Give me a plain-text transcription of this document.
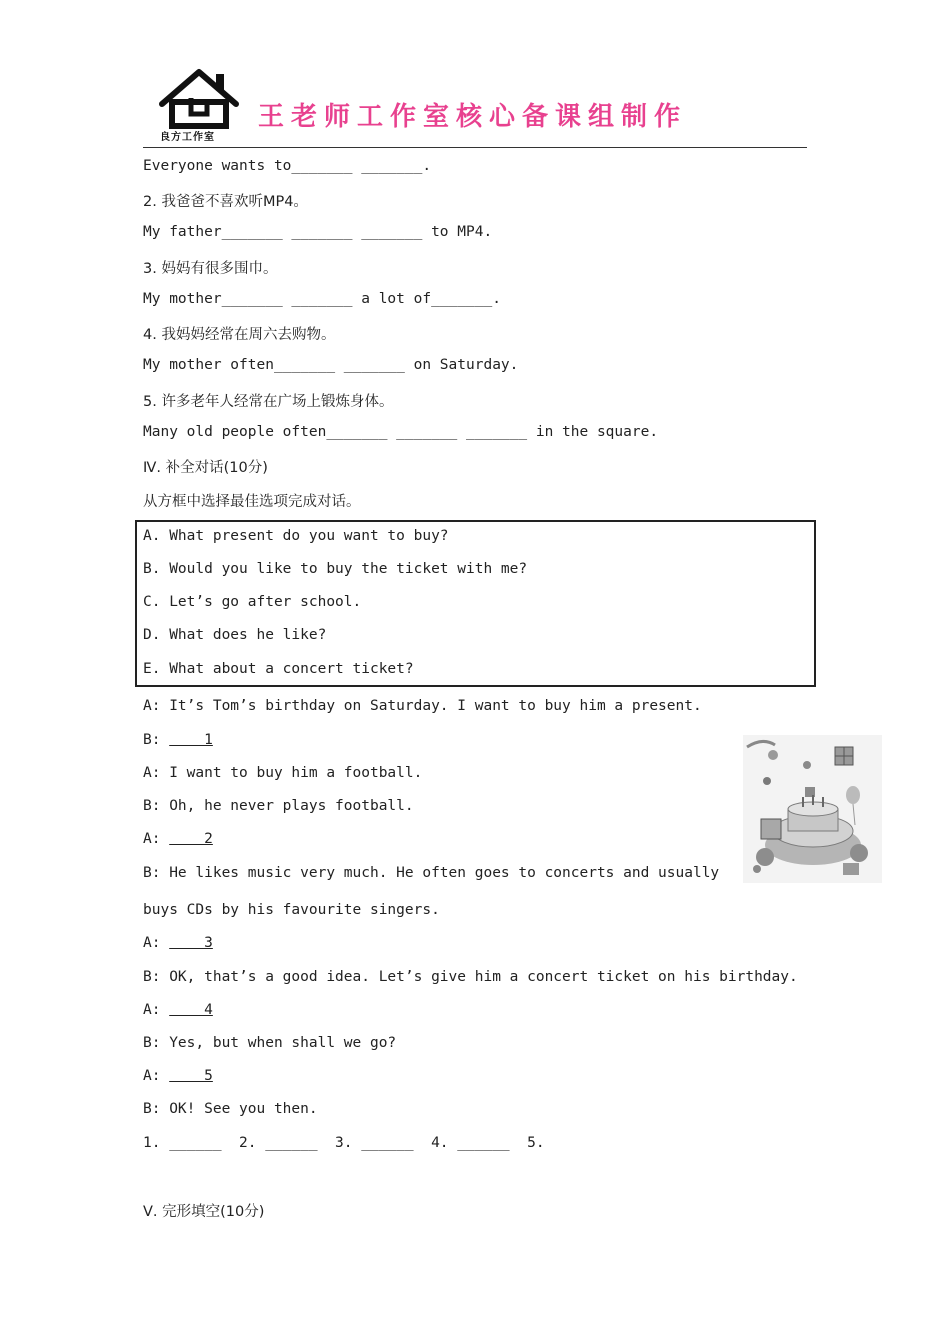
良方工作室
王老师工作室核心备课组制作
Everyone wants to_______ _______.
2. 我爸爸不喜欢听MP4。
My father_______ _______ _______ to MP4.
3. 妈妈有很多围巾。
My mother_______ _______ a lot of_______.
4. 我妈妈经常在周六去购物。
My mother often_______ _______ on Saturday.
5. 许多老年人经常在广场上锻炼身体。
Many old people often_______ _______ _______ in the square.
Ⅳ. 补全对话(10分)
从方框中选择最佳选项完成对话。
A. What present do you want to buy?
B. Would you like to buy the ticket with me?
C. Let’s go after school.
D. What does he like?
E. What about a concert ticket?
A: It’s Tom’s birthday on Saturday. I want to buy him a present.
B:     1
A: I want to buy him a football.
B: Oh, he never plays football.
A:     2
B: He likes music very much. He often goes to concerts and usually
buys CDs by his favourite singers.
A:     3
B: OK, that’s a good idea. Let’s give him a concert ticket on his birthday.
A:     4
B: Yes, but when shall we go?
A:     5
B: OK! See you then.
1. ______  2. ______  3. ______  4. ______  5.
Ⅴ. 完形填空(10分)
